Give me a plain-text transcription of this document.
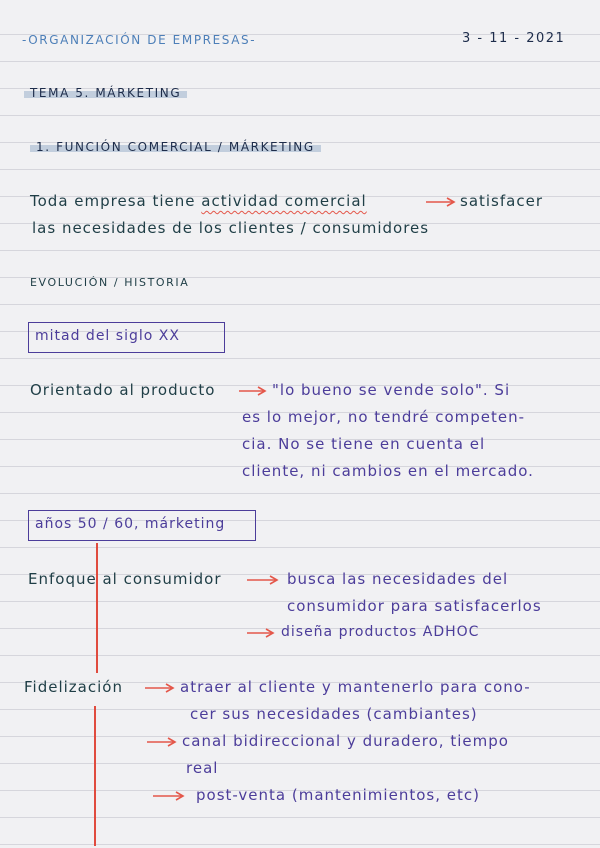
-ORGANIZACIÓN DE EMPRESAS-	3 - 11 - 2021
TEMA 5. MÁRKETING
1. FUNCIÓN COMERCIAL / MÁRKETING
Toda empresa tiene actividad comercial	satisfacer
las necesidades de los clientes / consumidores
EVOLUCIÓN / HISTORIA
mitad del siglo XX
Orientado al producto	"lo bueno se vende solo". Si
es lo mejor, no tendré competen-
cia. No se tiene en cuenta el
cliente, ni cambios en el mercado.
años 50 / 60, márketing
Enfoque al consumidor	busca las necesidades del
consumidor para satisfacerlos
diseña productos ADHOC
Fidelización	atraer al cliente y mantenerlo para cono-
cer sus necesidades (cambiantes)
canal bidireccional y duradero, tiempo
real
post-venta (mantenimientos, etc)
